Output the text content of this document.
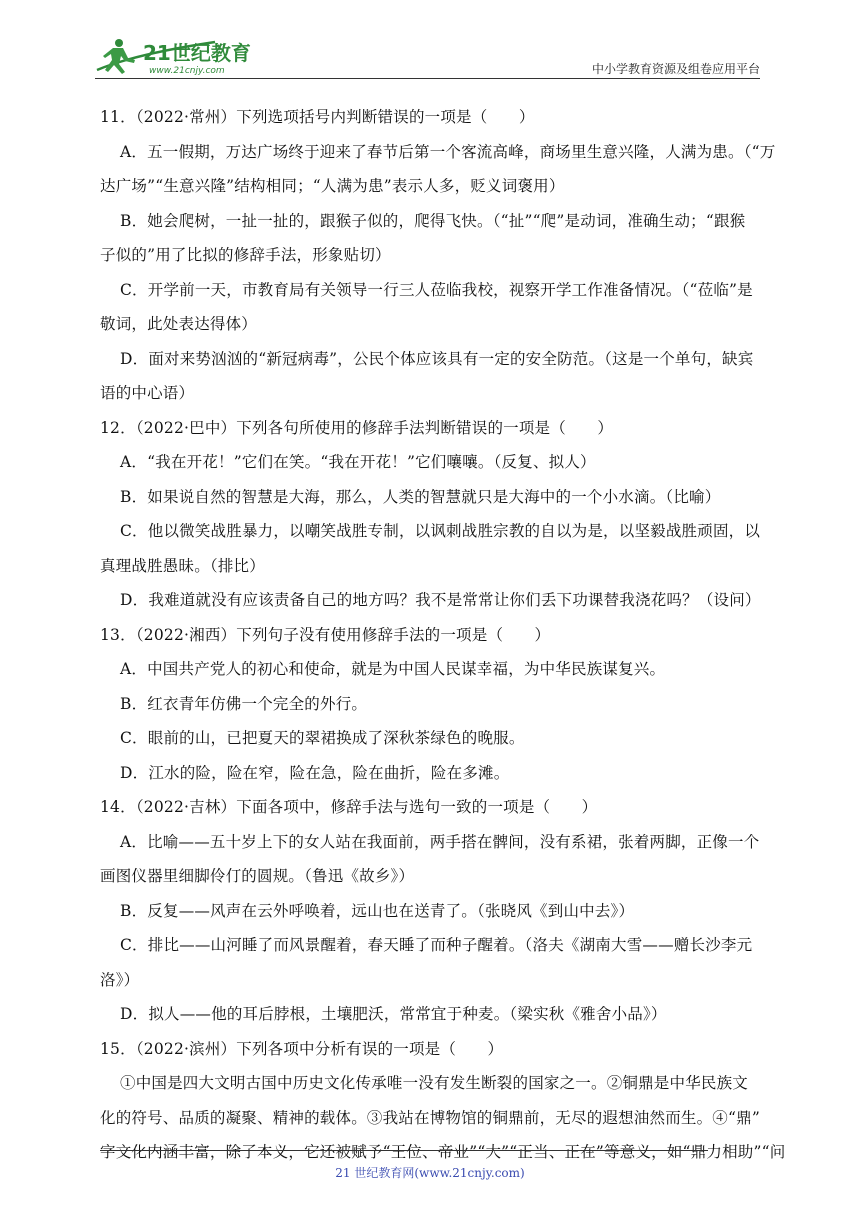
21世纪教育
www.21cnjy.com	中小学教育资源及组卷应用平台
11．（2022·常州）下列选项括号内判断错误的一项是（　　）
A．五一假期，万达广场终于迎来了春节后第一个客流高峰，商场里生意兴隆，人满为患。（“万
达广场”“生意兴隆”结构相同；“人满为患”表示人多，贬义词褒用）
B．她会爬树，一扯一扯的，跟猴子似的，爬得飞快。（“扯”“爬”是动词，准确生动；“跟猴
子似的”用了比拟的修辞手法，形象贴切）
C．开学前一天，市教育局有关领导一行三人莅临我校，视察开学工作准备情况。（“莅临”是
敬词，此处表达得体）
D．面对来势汹汹的“新冠病毒”，公民个体应该具有一定的安全防范。（这是一个单句，缺宾
语的中心语）
12．（2022·巴中）下列各句所使用的修辞手法判断错误的一项是（　　）
A．“我在开花！”它们在笑。“我在开花！”它们嚷嚷。（反复、拟人）
B．如果说自然的智慧是大海，那么，人类的智慧就只是大海中的一个小水滴。（比喻）
C．他以微笑战胜暴力，以嘲笑战胜专制，以讽刺战胜宗教的自以为是，以坚毅战胜顽固，以
真理战胜愚昧。（排比）
D．我难道就没有应该责备自己的地方吗？我不是常常让你们丢下功课替我浇花吗？（设问）
13．（2022·湘西）下列句子没有使用修辞手法的一项是（　　）
A．中国共产党人的初心和使命，就是为中国人民谋幸福，为中华民族谋复兴。
B．红衣青年仿佛一个完全的外行。
C．眼前的山，已把夏天的翠裙换成了深秋茶绿色的晚服。
D．江水的险，险在窄，险在急，险在曲折，险在多滩。
14．（2022·吉林）下面各项中，修辞手法与选句一致的一项是（　　）
A．比喻——五十岁上下的女人站在我面前，两手搭在髀间，没有系裙，张着两脚，正像一个
画图仪器里细脚伶仃的圆规。（鲁迅《故乡》）
B．反复——风声在云外呼唤着，远山也在送青了。（张晓风《到山中去》）
C．排比——山河睡了而风景醒着，春天睡了而种子醒着。（洛夫《湖南大雪——赠长沙李元
洛》）
D．拟人——他的耳后脖根，土壤肥沃，常常宜于种麦。（梁实秋《雅舍小品》）
15．（2022·滨州）下列各项中分析有误的一项是（　　）
①中国是四大文明古国中历史文化传承唯一没有发生断裂的国家之一。②铜鼎是中华民族文
化的符号、品质的凝聚、精神的载体。③我站在博物馆的铜鼎前，无尽的遐想油然而生。④“鼎”
字文化内涵丰富，除了本义，它还被赋予“王位、帝业”“大”“正当、正在”等意义，如“鼎力相助”“问
21 世纪教育网(www.21cnjy.com)
